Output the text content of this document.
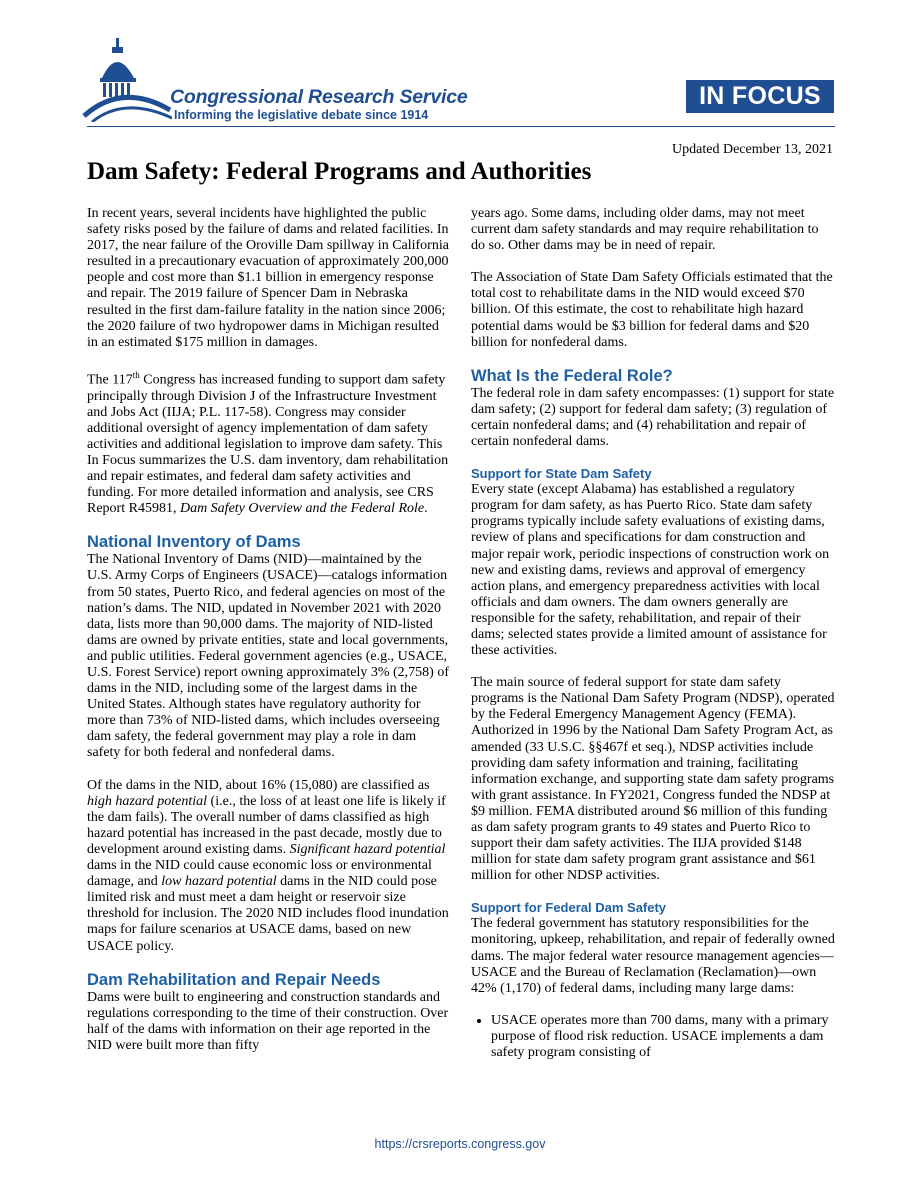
Congressional Research Service
Informing the legislative debate since 1914
IN FOCUS
Updated December 13, 2021
Dam Safety: Federal Programs and Authorities

In recent years, several incidents have highlighted the public safety risks posed by the failure of dams and related facilities. In 2017, the near failure of the Oroville Dam spillway in California resulted in a precautionary evacuation of approximately 200,000 people and cost more than $1.1 billion in emergency response and repair. The 2019 failure of Spencer Dam in Nebraska resulted in the first dam-failure fatality in the nation since 2006; the 2020 failure of two hydropower dams in Michigan resulted in an estimated $175 million in damages.

The 117th Congress has increased funding to support dam safety principally through Division J of the Infrastructure Investment and Jobs Act (IIJA; P.L. 117-58). Congress may consider additional oversight of agency implementation of dam safety activities and additional legislation to improve dam safety. This In Focus summarizes the U.S. dam inventory, dam rehabilitation and repair estimates, and federal dam safety activities and funding. For more detailed information and analysis, see CRS Report R45981, Dam Safety Overview and the Federal Role.

National Inventory of Dams

The National Inventory of Dams (NID)—maintained by the U.S. Army Corps of Engineers (USACE)—catalogs information from 50 states, Puerto Rico, and federal agencies on most of the nation’s dams. The NID, updated in November 2021 with 2020 data, lists more than 90,000 dams. The majority of NID-listed dams are owned by private entities, state and local governments, and public utilities. Federal government agencies (e.g., USACE, U.S. Forest Service) report owning approximately 3% (2,758) of dams in the NID, including some of the largest dams in the United States. Although states have regulatory authority for more than 73% of NID-listed dams, which includes overseeing dam safety, the federal government may play a role in dam safety for both federal and nonfederal dams.

Of the dams in the NID, about 16% (15,080) are classified as high hazard potential (i.e., the loss of at least one life is likely if the dam fails). The overall number of dams classified as high hazard potential has increased in the past decade, mostly due to development around existing dams. Significant hazard potential dams in the NID could cause economic loss or environmental damage, and low hazard potential dams in the NID could pose limited risk and must meet a dam height or reservoir size threshold for inclusion. The 2020 NID includes flood inundation maps for failure scenarios at USACE dams, based on new USACE policy.

Dam Rehabilitation and Repair Needs

Dams were built to engineering and construction standards and regulations corresponding to the time of their construction. Over half of the dams with information on their age reported in the NID were built more than fifty

years ago. Some dams, including older dams, may not meet current dam safety standards and may require rehabilitation to do so. Other dams may be in need of repair.

The Association of State Dam Safety Officials estimated that the total cost to rehabilitate dams in the NID would exceed $70 billion. Of this estimate, the cost to rehabilitate high hazard potential dams would be $3 billion for federal dams and $20 billion for nonfederal dams.

What Is the Federal Role?

The federal role in dam safety encompasses: (1) support for state dam safety; (2) support for federal dam safety; (3) regulation of certain nonfederal dams; and (4) rehabilitation and repair of certain nonfederal dams.

Support for State Dam Safety

Every state (except Alabama) has established a regulatory program for dam safety, as has Puerto Rico. State dam safety programs typically include safety evaluations of existing dams, review of plans and specifications for dam construction and major repair work, periodic inspections of construction work on new and existing dams, reviews and approval of emergency action plans, and emergency preparedness activities with local officials and dam owners. The dam owners generally are responsible for the safety, rehabilitation, and repair of their dams; selected states provide a limited amount of assistance for these activities.

The main source of federal support for state dam safety programs is the National Dam Safety Program (NDSP), operated by the Federal Emergency Management Agency (FEMA). Authorized in 1996 by the National Dam Safety Program Act, as amended (33 U.S.C. §§467f et seq.), NDSP activities include providing dam safety information and training, facilitating information exchange, and supporting state dam safety programs with grant assistance. In FY2021, Congress funded the NDSP at $9 million. FEMA distributed around $6 million of this funding as dam safety program grants to 49 states and Puerto Rico to support their dam safety activities. The IIJA provided $148 million for state dam safety program grant assistance and $61 million for other NDSP activities.

Support for Federal Dam Safety

The federal government has statutory responsibilities for the monitoring, upkeep, rehabilitation, and repair of federally owned dams. The major federal water resource management agencies—USACE and the Bureau of Reclamation (Reclamation)—own 42% (1,170) of federal dams, including many large dams:

• USACE operates more than 700 dams, many with a primary purpose of flood risk reduction. USACE implements a dam safety program consisting of
https://crsreports.congress.gov
